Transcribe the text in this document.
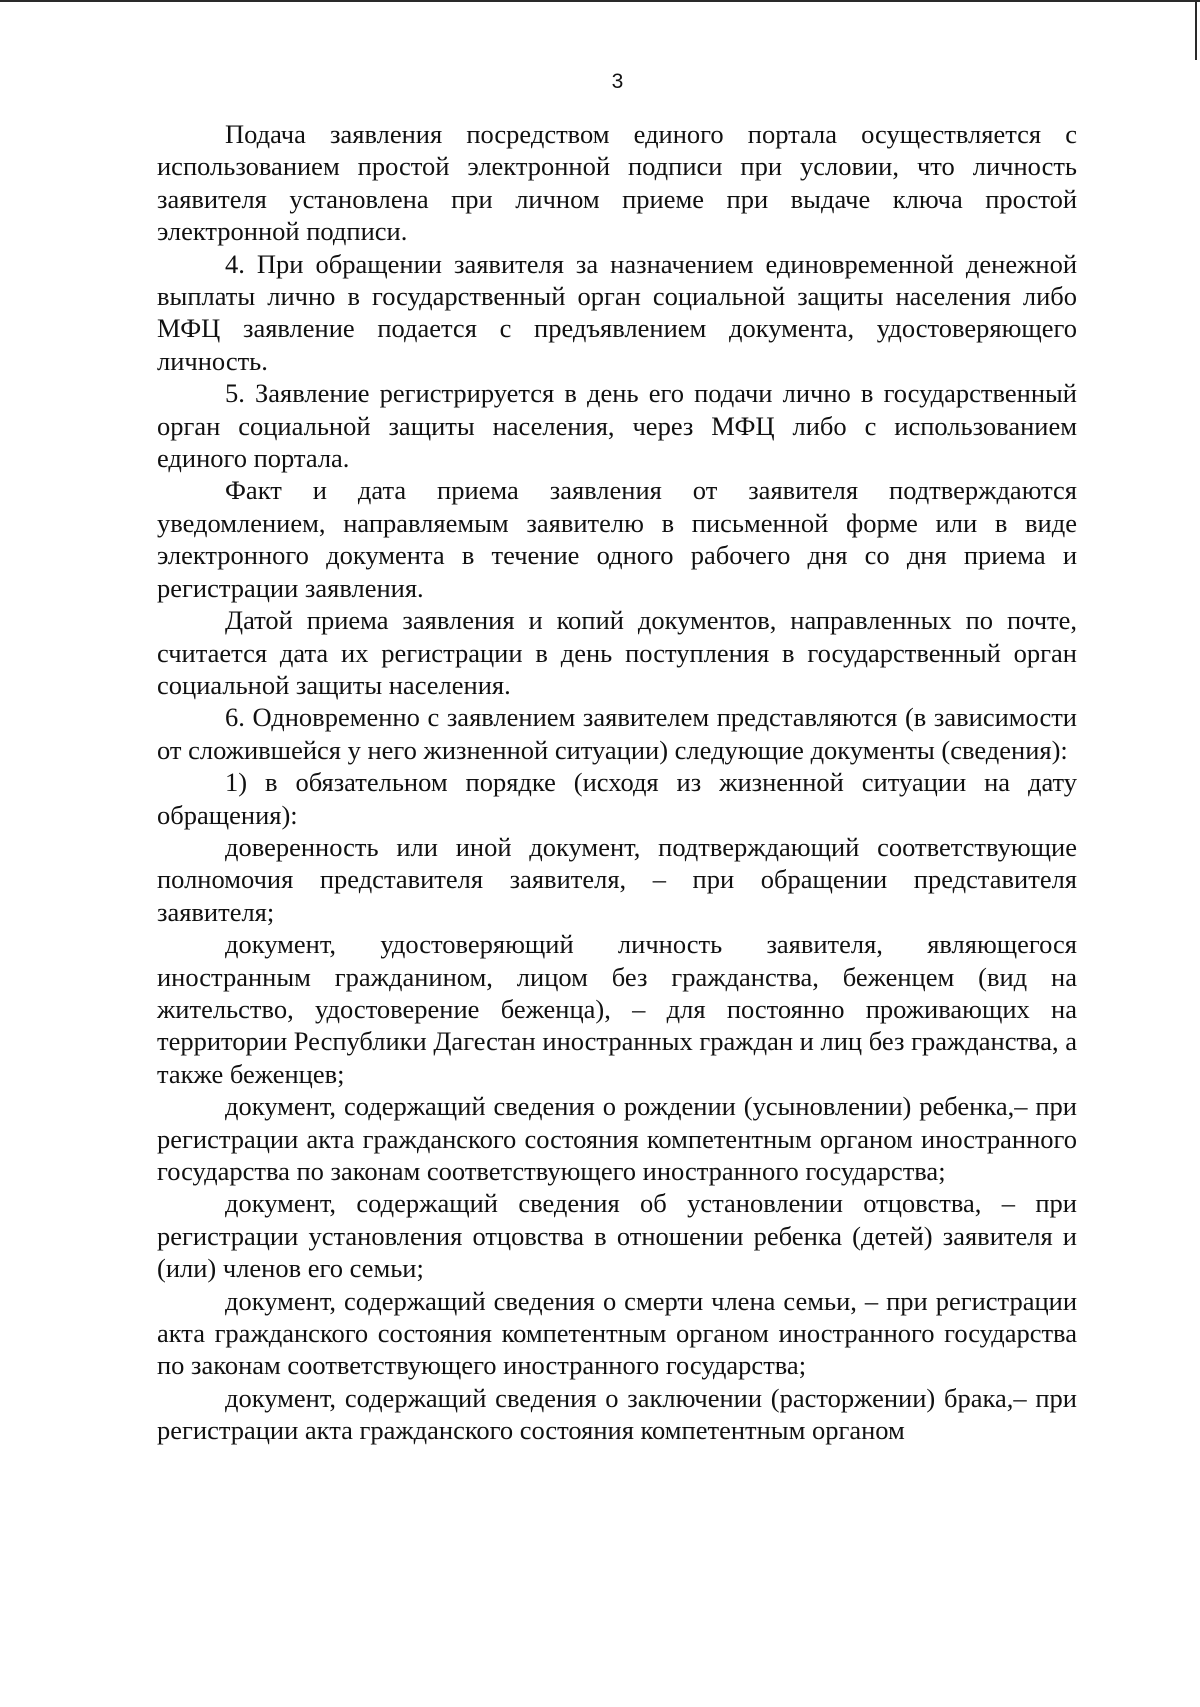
3

Подача заявления посредством единого портала осуществляется с использованием простой электронной подписи при условии, что личность заявителя установлена при личном приеме при выдаче ключа простой электронной подписи.

4. При обращении заявителя за назначением единовременной денежной выплаты лично в государственный орган социальной защиты населения либо МФЦ заявление подается с предъявлением документа, удостоверяющего личность.

5. Заявление регистрируется в день его подачи лично в государственный орган социальной защиты населения, через МФЦ либо с использованием единого портала.

Факт и дата приема заявления от заявителя подтверждаются уведомлением, направляемым заявителю в письменной форме или в виде электронного документа в течение одного рабочего дня со дня приема и регистрации заявления.

Датой приема заявления и копий документов, направленных по почте, считается дата их регистрации в день поступления в государственный орган социальной защиты населения.

6. Одновременно с заявлением заявителем представляются (в зависимости от сложившейся у него жизненной ситуации) следующие документы (сведения):

1) в обязательном порядке (исходя из жизненной ситуации на дату обращения):

доверенность или иной документ, подтверждающий соответствующие полномочия представителя заявителя, – при обращении представителя заявителя;

документ, удостоверяющий личность заявителя, являющегося иностранным гражданином, лицом без гражданства, беженцем (вид на жительство, удостоверение беженца), – для постоянно проживающих на территории Республики Дагестан иностранных граждан и лиц без гражданства, а также беженцев;

документ, содержащий сведения о рождении (усыновлении) ребенка,– при регистрации акта гражданского состояния компетентным органом иностранного государства по законам соответствующего иностранного государства;

документ, содержащий сведения об установлении отцовства, – при регистрации установления отцовства в отношении ребенка (детей) заявителя и (или) членов его семьи;

документ, содержащий сведения о смерти члена семьи, – при регистрации акта гражданского состояния компетентным органом иностранного государства по законам соответствующего иностранного государства;

документ, содержащий сведения о заключении (расторжении) брака,– при регистрации акта гражданского состояния компетентным органом
